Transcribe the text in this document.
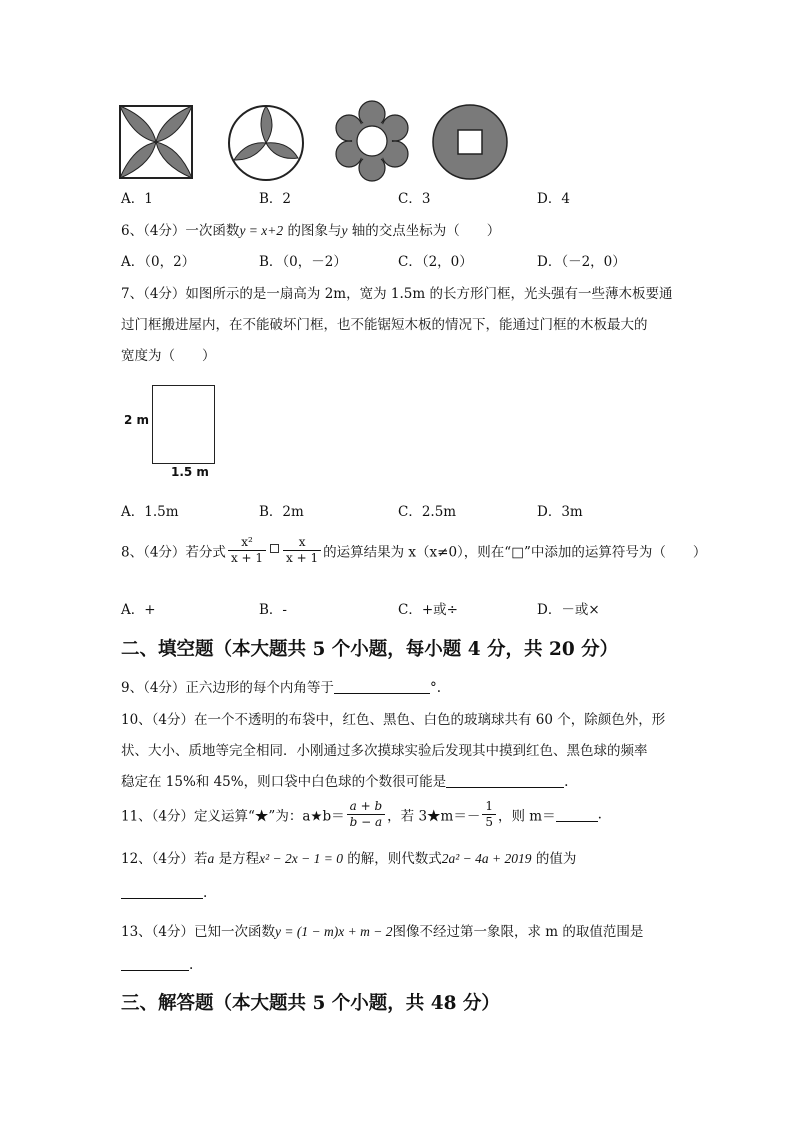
A．1	B．2	C．3	D．4
6、（4分）一次函数y = x+2 的图象与y 轴的交点坐标为（　　）
A．（0，2）	B．（0，－2）	C．（2，0）	D．（－2，0）
7、（4分）如图所示的是一扇高为 2m，宽为 1.5m 的长方形门框，光头强有一些薄木板要通
过门框搬进屋内，在不能破坏门框，也不能锯短木板的情况下，能通过门框的木板最大的
宽度为（　　）
2 m
1.5 m
A．1.5m	B．2m	C．2.5m	D．3m
8、（4分）若分式 $\frac{\text{x²}}{x + 1} \frac{x}{x + 1}$ 的运算结果为 x（x≠0），则在“□”中添加的运算符号为（　　）
A．+	B．-	C．+或÷	D．－或×
二、填空题（本大题共 5 个小题，每小题 4 分，共 20 分）
9、（4分）正六边形的每个内角等于	°.
10、（4分）在一个不透明的布袋中，红色、黑色、白色的玻璃球共有 60 个，除颜色外，形
状、大小、质地等完全相同．小刚通过多次摸球实验后发现其中摸到红色、黑色球的频率
稳定在 15%和 45%，则口袋中白色球的个数很可能是	.
11、（4分）定义运算“★”为：a★b＝ $\frac{a + b}{b - a}$ ，若 3★m＝－ $\frac{1}{5}$ ，则 m＝	.
12、（4分）若a 是方程x² − 2x − 1 = 0 的解，则代数式2a² − 4a + 2019 的值为
.
13、（4分）已知一次函数y = (1 − m)x + m − 2图像不经过第一象限，求 m 的取值范围是
.
三、解答题（本大题共 5 个小题，共 48 分）
